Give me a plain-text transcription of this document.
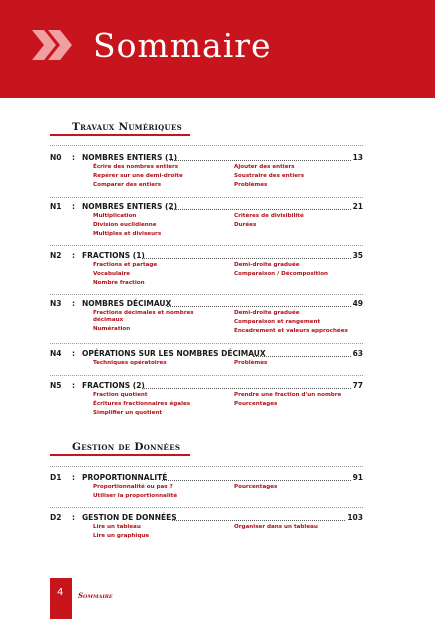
Sommaire
Travaux Numériques
N0 : NOMBRES ENTIERS (1)	13
Écrire des nombres entiers
Repérer sur une demi-droite
Comparer des entiers
Ajouter des entiers
Soustraire des entiers
Problèmes
N1 : NOMBRES ENTIERS (2)	21
Multiplication
Division euclidienne
Multiples et diviseurs
Critères de divisibilité
Durées
N2 : FRACTIONS (1)	35
Fractions et partage
Vocabulaire
Nombre fraction
Demi-droite graduée
Comparaison / Décomposition
N3 : NOMBRES DÉCIMAUX	49
Fractions décimales et nombres décimaux
Numération
Demi-droite graduée
Comparaison et rangement
Encadrement et valeurs approchées
N4 : OPÉRATIONS SUR LES NOMBRES DÉCIMAUX	63
Techniques opératoires	Problèmes
N5 : FRACTIONS (2)	77
Fraction quotient
Écritures fractionnaires égales
Simplifier un quotient
Prendre une fraction d'un nombre
Pourcentages
Gestion de Données
D1 : PROPORTIONNALITÉ	91
Proportionnalité ou pas ?
Utiliser la proportionnalité
Pourcentages
D2 : GESTION DE DONNÉES	103
Lire un tableau
Lire un graphique
Organiser dans un tableau
4 Sommaire
